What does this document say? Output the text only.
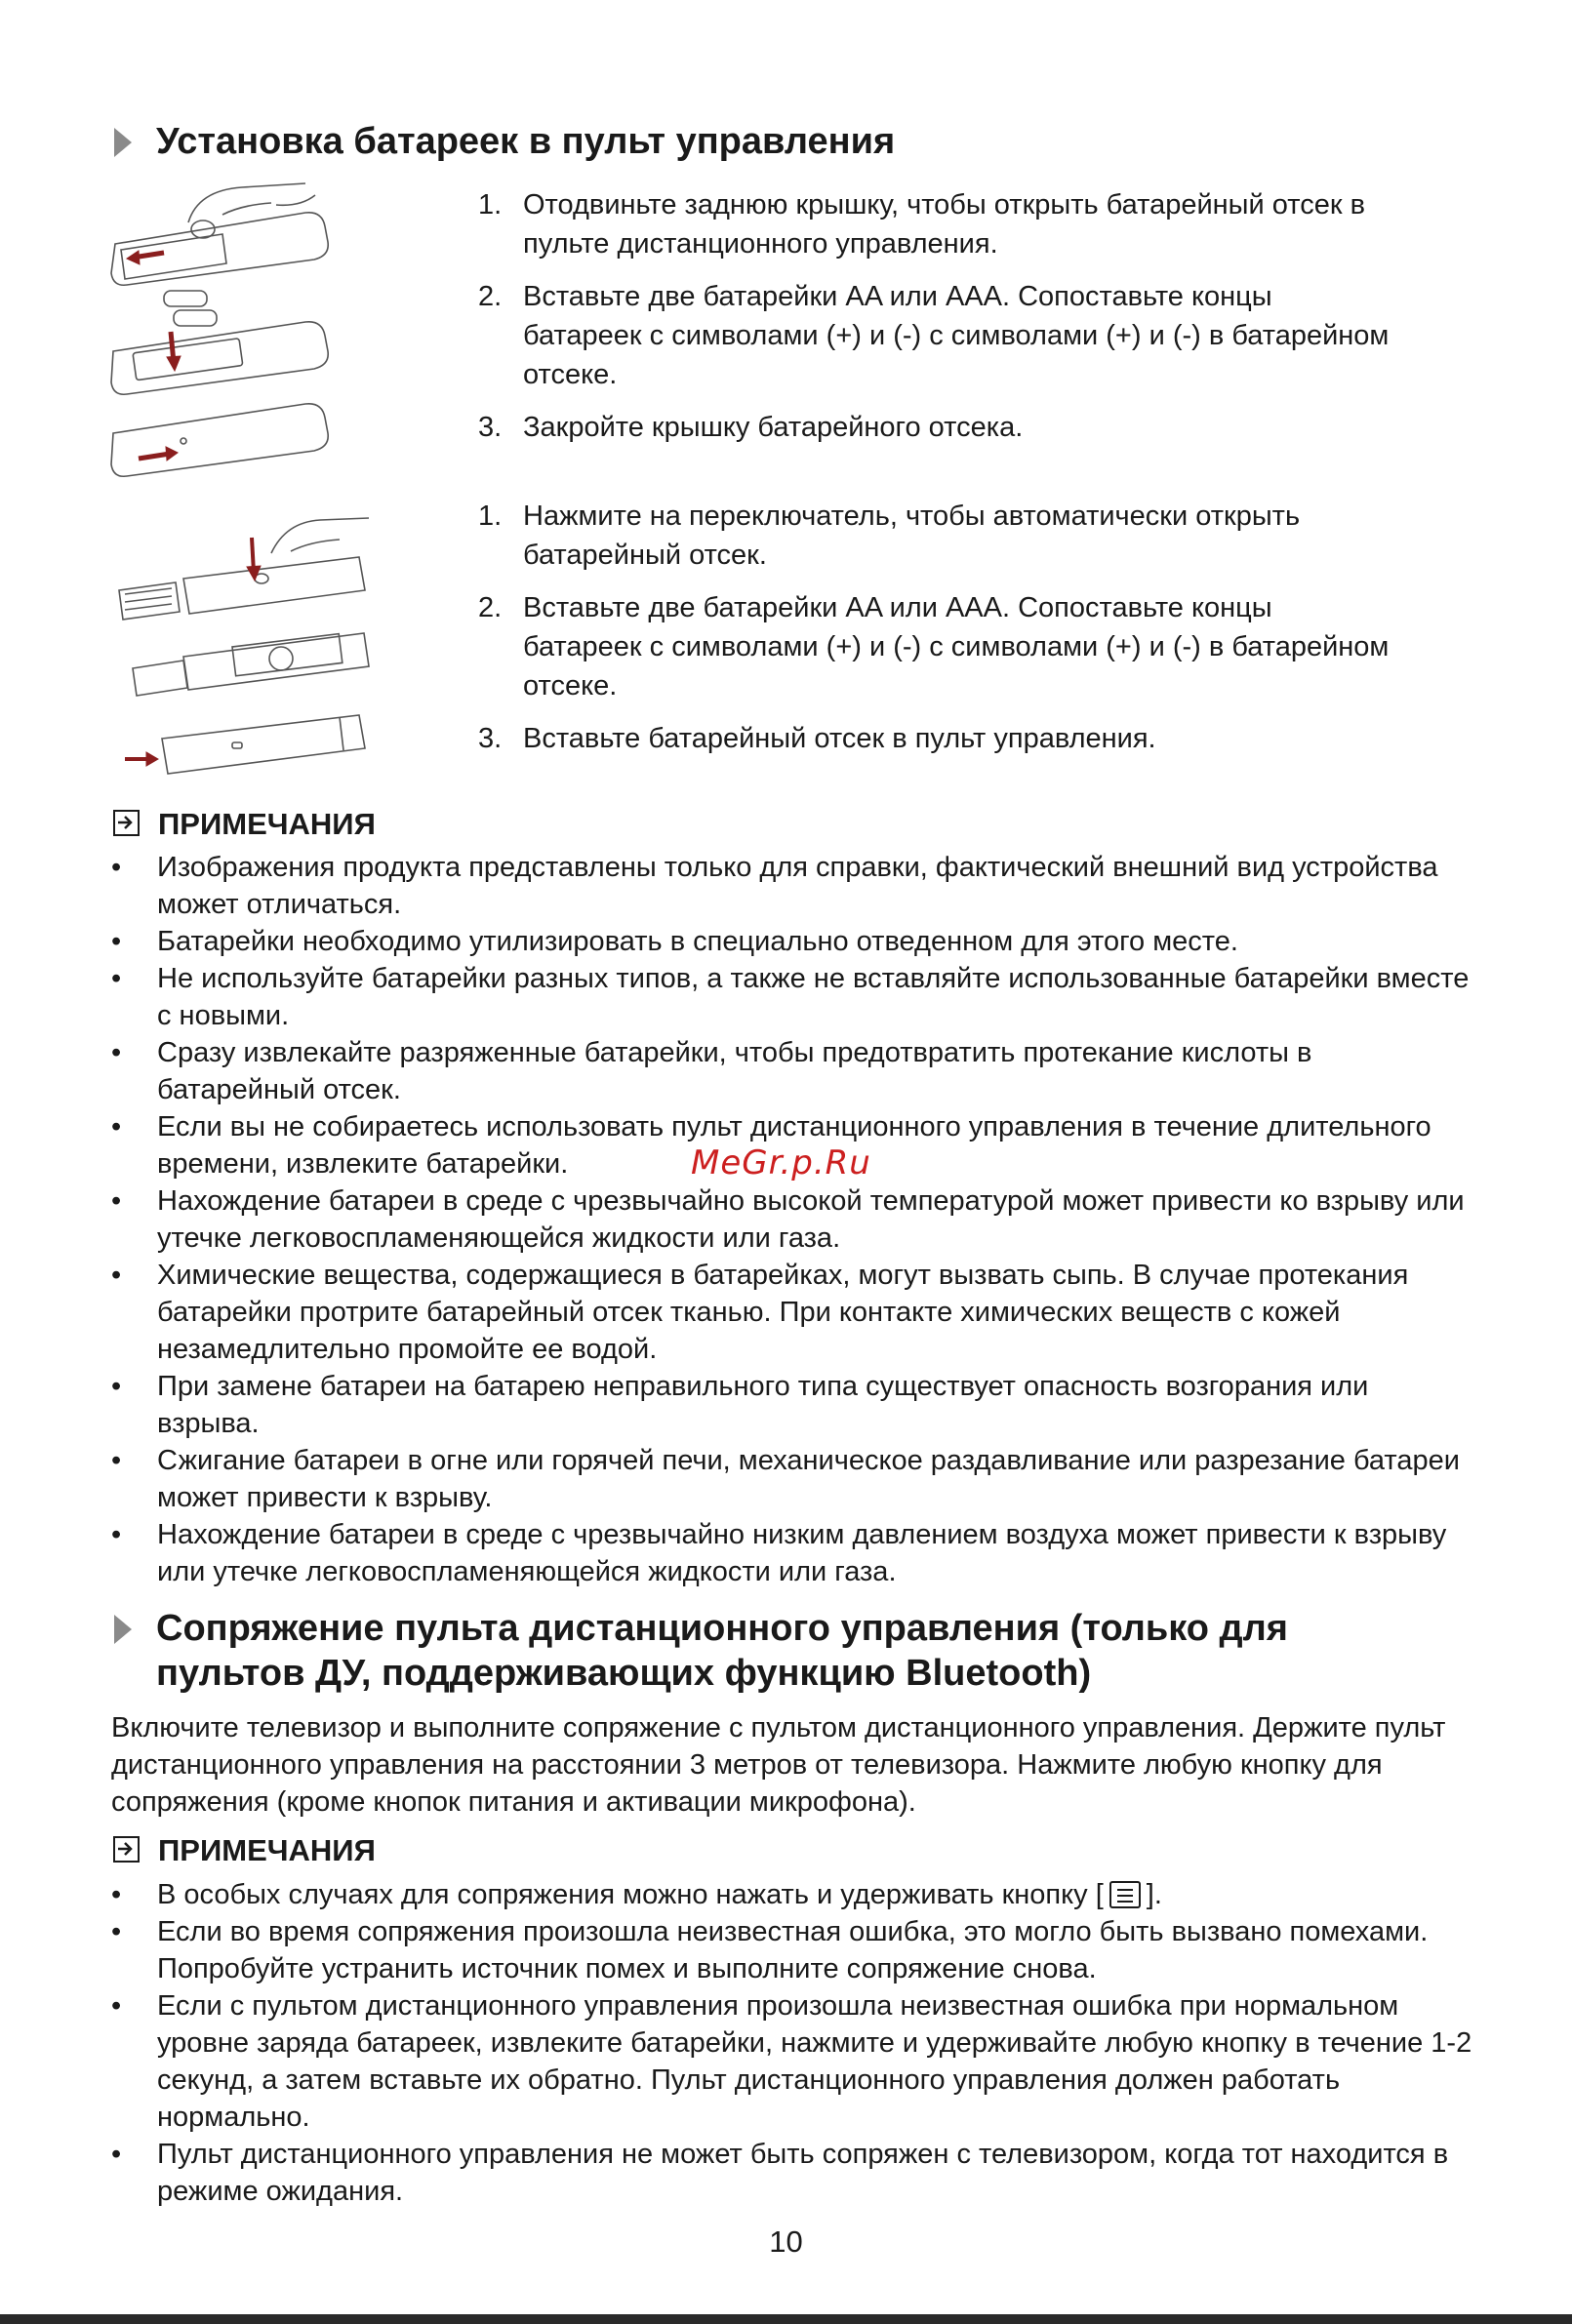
Установка батареек в пульт управления
1. Отодвиньте заднюю крышку, чтобы открыть батарейный отсек в пульте дистанционного управления.
2. Вставьте две батарейки AA или AAA. Сопоставьте концы батареек с символами (+) и (-) с символами (+) и (-) в батарейном отсеке.
3. Закройте крышку батарейного отсека.
1. Нажмите на переключатель, чтобы автоматически открыть батарейный отсек.
2. Вставьте две батарейки AA или AAA. Сопоставьте концы батареек с символами (+) и (-) с символами (+) и (-) в батарейном отсеке.
3. Вставьте батарейный отсек в пульт управления.
ПРИМЕЧАНИЯ
• Изображения продукта представлены только для справки, фактический внешний вид устройства может отличаться.
• Батарейки необходимо утилизировать в специально отведенном для этого месте.
• Не используйте батарейки разных типов, а также не вставляйте использованные батарейки вместе с новыми.
• Сразу извлекайте разряженные батарейки, чтобы предотвратить протекание кислоты в батарейный отсек.
• Если вы не собираетесь использовать пульт дистанционного управления в течение длительного времени, извлеките батарейки.
• Нахождение батареи в среде с чрезвычайно высокой температурой может привести ко взрыву или утечке легковоспламеняющейся жидкости или газа.
• Химические вещества, содержащиеся в батарейках, могут вызвать сыпь. В случае протекания батарейки протрите батарейный отсек тканью. При контакте химических веществ с кожей незамедлительно промойте ее водой.
• При замене батареи на батарею неправильного типа существует опасность возгорания или взрыва.
• Сжигание батареи в огне или горячей печи, механическое раздавливание или разрезание батареи может привести к взрыву.
• Нахождение батареи в среде с чрезвычайно низким давлением воздуха может привести к взрыву или утечке легковоспламеняющейся жидкости или газа.
MeGr.p.Ru
Сопряжение пульта дистанционного управления (только для
пультов ДУ, поддерживающих функцию Bluetooth)
Включите телевизор и выполните сопряжение с пультом дистанционного управления. Держите пульт дистанционного управления на расстоянии 3 метров от телевизора. Нажмите любую кнопку для сопряжения (кроме кнопок питания и активации микрофона).
ПРИМЕЧАНИЯ
• В особых случаях для сопряжения можно нажать и удерживать кнопку [ ].
• Если во время сопряжения произошла неизвестная ошибка, это могло быть вызвано помехами. Попробуйте устранить источник помех и выполните сопряжение снова.
• Если с пультом дистанционного управления произошла неизвестная ошибка при нормальном уровне заряда батареек, извлеките батарейки, нажмите и удерживайте любую кнопку в течение 1-2 секунд, а затем вставьте их обратно. Пульт дистанционного управления должен работать нормально.
• Пульт дистанционного управления не может быть сопряжен с телевизором, когда тот находится в режиме ожидания.
10
